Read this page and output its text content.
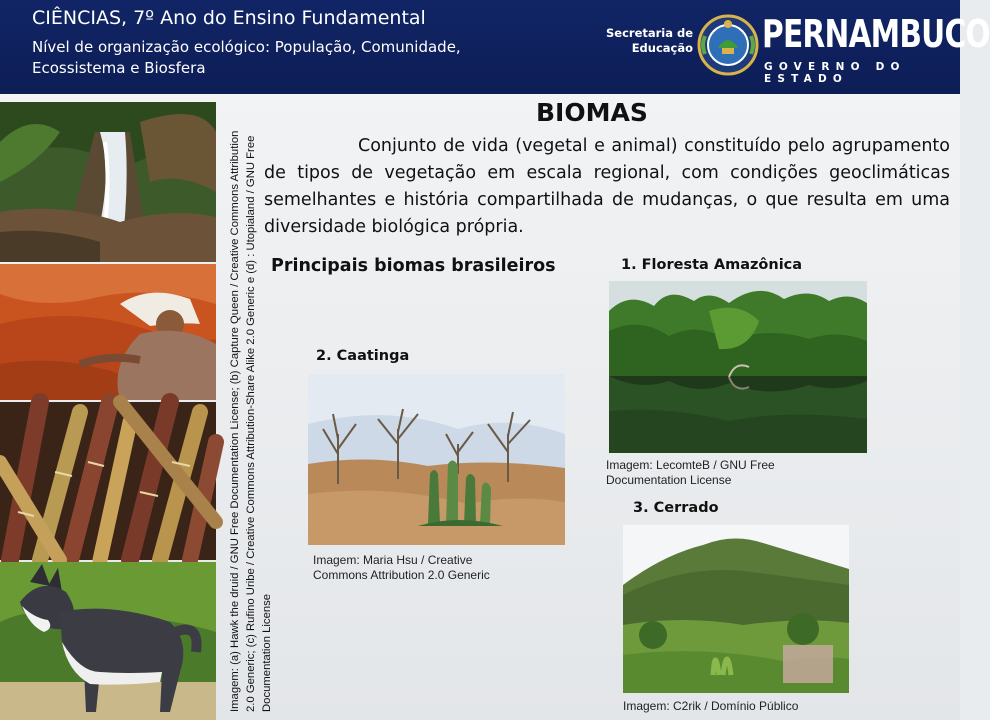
CIÊNCIAS, 7º Ano do Ensino Fundamental
Nível de organização ecológico: População, Comunidade, Ecossistema e Biosfera
Secretaria de
Educação PERNAMBUCO
GOVERNO DO ESTADO
Imagem: (a) Hawk the druid / GNU Free Documentation License; (b) Capture Queen / Creative Commons Attribution 2.0 Generic; (c) Rufino Uribe / Creative Commons Attribution-Share Alike 2.0 Generic e (d) : Utopialand / GNU Free Documentation License
BIOMAS
Conjunto de vida (vegetal e animal) constituído pelo agrupamento de tipos de vegetação em escala regional, com condições geoclimáticas semelhantes e história compartilhada de mudanças, o que resulta em uma diversidade biológica própria.
Principais biomas brasileiros	1. Floresta Amazônica
Imagem: LecomteB / GNU Free Documentation License
2. Caatinga
Imagem: Maria Hsu / Creative Commons Attribution 2.0 Generic
3. Cerrado
Imagem: C2rik / Domínio Público
